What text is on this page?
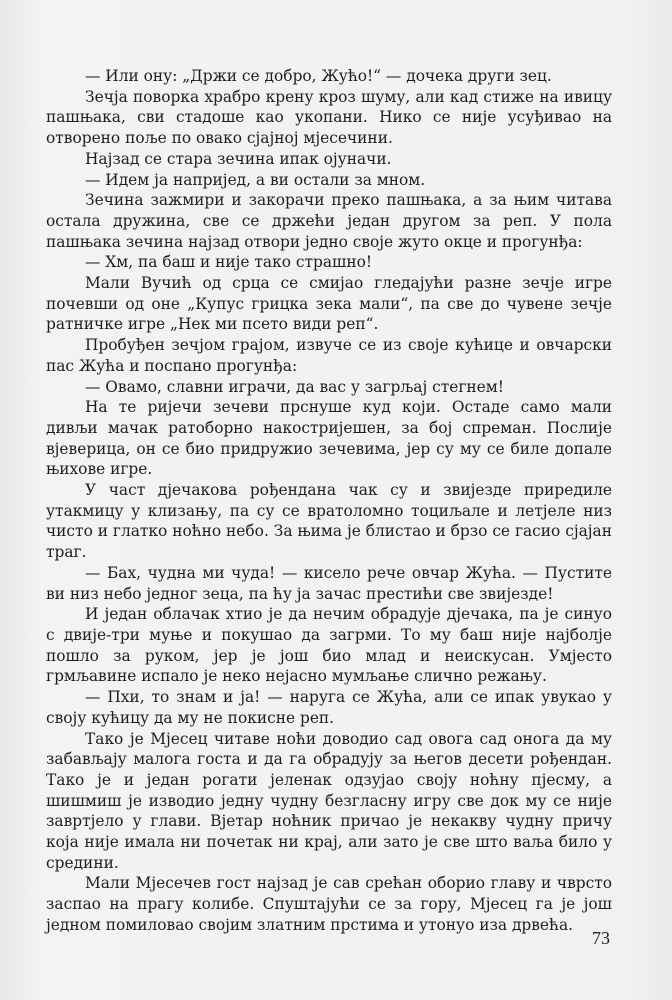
— Или ону: „Држи се добро, Жућо!“ — дочека други зец.

Зечја поворка храбро крену кроз шуму, али кад стиже на ивицу пашњака, сви стадоше као укопани. Нико се није усуђивао на отворено поље по овако сјајној мјесечини.

Најзад се стара зечина ипак ојуначи.

— Идем ја напријед, а ви остали за мном.

Зечина зажмири и закорачи преко пашњака, а за њим читава остала дружина, све се држећи један другом за реп. У пола пашњака зечина најзад отвори једно своје жуто окце и прогунђа:

— Хм, па баш и није тако страшно!

Мали Вучић од срца се смијао гледајући разне зечје игре почевши од оне „Купус грицка зека мали“, па све до чувене зечје ратничке игре „Нек ми псето види реп“.

Пробуђен зечјом грајом, извуче се из своје кућице и овчарски пас Жућа и поспано прогунђа:

— Овамо, славни играчи, да вас у загрљај стегнем!

На те ријечи зечеви прснуше куд који. Остаде само мали дивљи мачак ратоборно накостријешен, за бој спреман. Послије вјеверица, он се био придружио зечевима, јер су му се биле допале њихове игре.

У част дјечакова рођендана чак су и звијезде приредиле утакмицу у клизању, па су се вратоломно тоциљале и летјеле низ чисто и глатко ноћно небо. За њима је блистао и брзо се гасио сјајан траг.

— Бах, чудна ми чуда! — кисело рече овчар Жућа. — Пустите ви низ небо једног зеца, па ћу ја зачас престићи све звијезде!

И један облачак хтио је да нечим обрадује дјечака, па је синуо с двије-три муње и покушао да загрми. То му баш није најболје пошло за руком, јер је још био млад и неискусан. Умјесто грмљавине испало је неко нејасно мумљање слично режању.

— Пхи, то знам и ја! — наруга се Жућа, али се ипак увукао у своју кућицу да му не покисне реп.

Тако је Мјесец читаве ноћи доводио сад овога сад онога да му забављају малога госта и да га обрадују за његов десети рођендан. Тако је и један рогати јеленак одзујао своју ноћну пјесму, а шишмиш је изводио једну чудну безгласну игру све док му се није завртјело у глави. Вјетар ноћник причао је некакву чудну причу која није имала ни почетак ни крај, али зато је све што ваља било у средини.

Мали Мјесечев гост најзад је сав срећан оборио главу и чврсто заспао на прагу колибе. Спуштајући се за гору, Мјесец га је још једном помиловао својим златним прстима и утонуо иза дрвећа.

73
